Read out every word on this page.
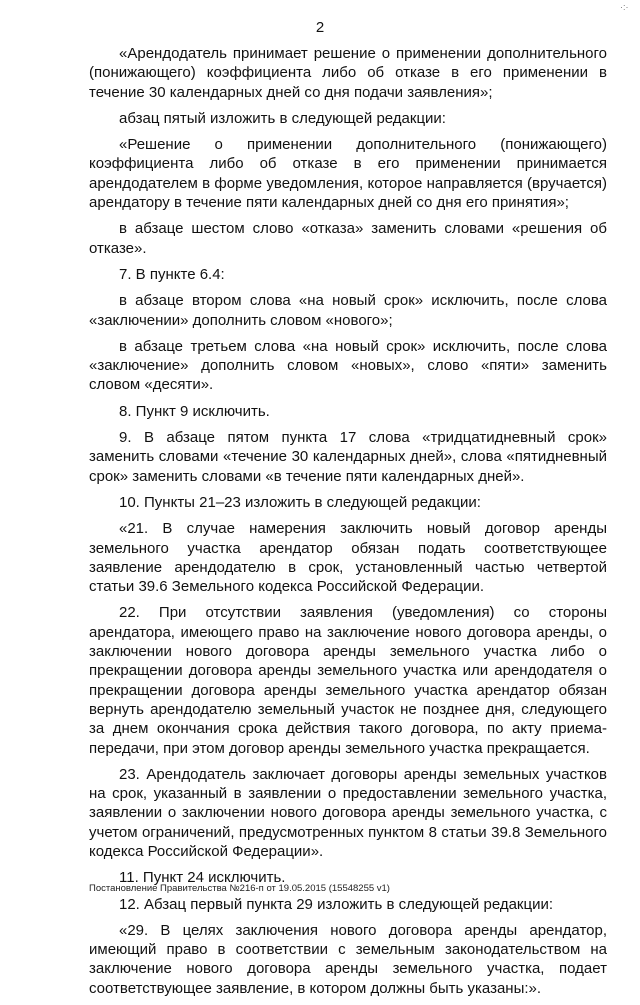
·:·
2

«Арендодатель принимает решение о применении дополнительного (понижающего) коэффициента либо об отказе в его применении в течение 30 календарных дней со дня подачи заявления»;

абзац пятый изложить в следующей редакции:

«Решение о применении дополнительного (понижающего) коэффициента либо об отказе в его применении принимается арендодателем в форме уведомления, которое направляется (вручается) арендатору в течение пяти календарных дней со дня его принятия»;

в абзаце шестом слово «отказа» заменить словами «решения об отказе».

7. В пункте 6.4:

в абзаце втором слова «на новый срок» исключить, после слова «заключении» дополнить словом «нового»;

в абзаце третьем слова «на новый срок» исключить, после слова «заключение» дополнить словом «новых», слово «пяти» заменить словом «десяти».

8. Пункт 9 исключить.

9. В абзаце пятом пункта 17 слова «тридцатидневный срок» заменить словами «течение 30 календарных дней», слова «пятидневный срок» заменить словами «в течение пяти календарных дней».

10. Пункты 21–23 изложить в следующей редакции:

«21. В случае намерения заключить новый договор аренды земельного участка арендатор обязан подать соответствующее заявление арендодателю в срок, установленный частью четвертой статьи 39.6 Земельного кодекса Российской Федерации.

22. При отсутствии заявления (уведомления) со стороны арендатора, имеющего право на заключение нового договора аренды, о заключении нового договора аренды земельного участка либо о прекращении договора аренды земельного участка или арендодателя о прекращении договора аренды земельного участка арендатор обязан вернуть арендодателю земельный участок не позднее дня, следующего за днем окончания срока действия такого договора, по акту приема-передачи, при этом договор аренды земельного участка прекращается.

23. Арендодатель заключает договоры аренды земельных участков на срок, указанный в заявлении о предоставлении земельного участка, заявлении о заключении нового договора аренды земельного участка, с учетом ограничений, предусмотренных пунктом 8 статьи 39.8 Земельного кодекса Российской Федерации».

11. Пункт 24 исключить.

12. Абзац первый пункта 29 изложить в следующей редакции:

«29. В целях заключения нового договора аренды арендатор, имеющий право в соответствии с земельным законодательством на заключение нового договора аренды земельного участка, подает соответствующее заявление, в котором должны быть указаны:».

Постановление Правительства №216-п от 19.05.2015 (15548255 v1)
